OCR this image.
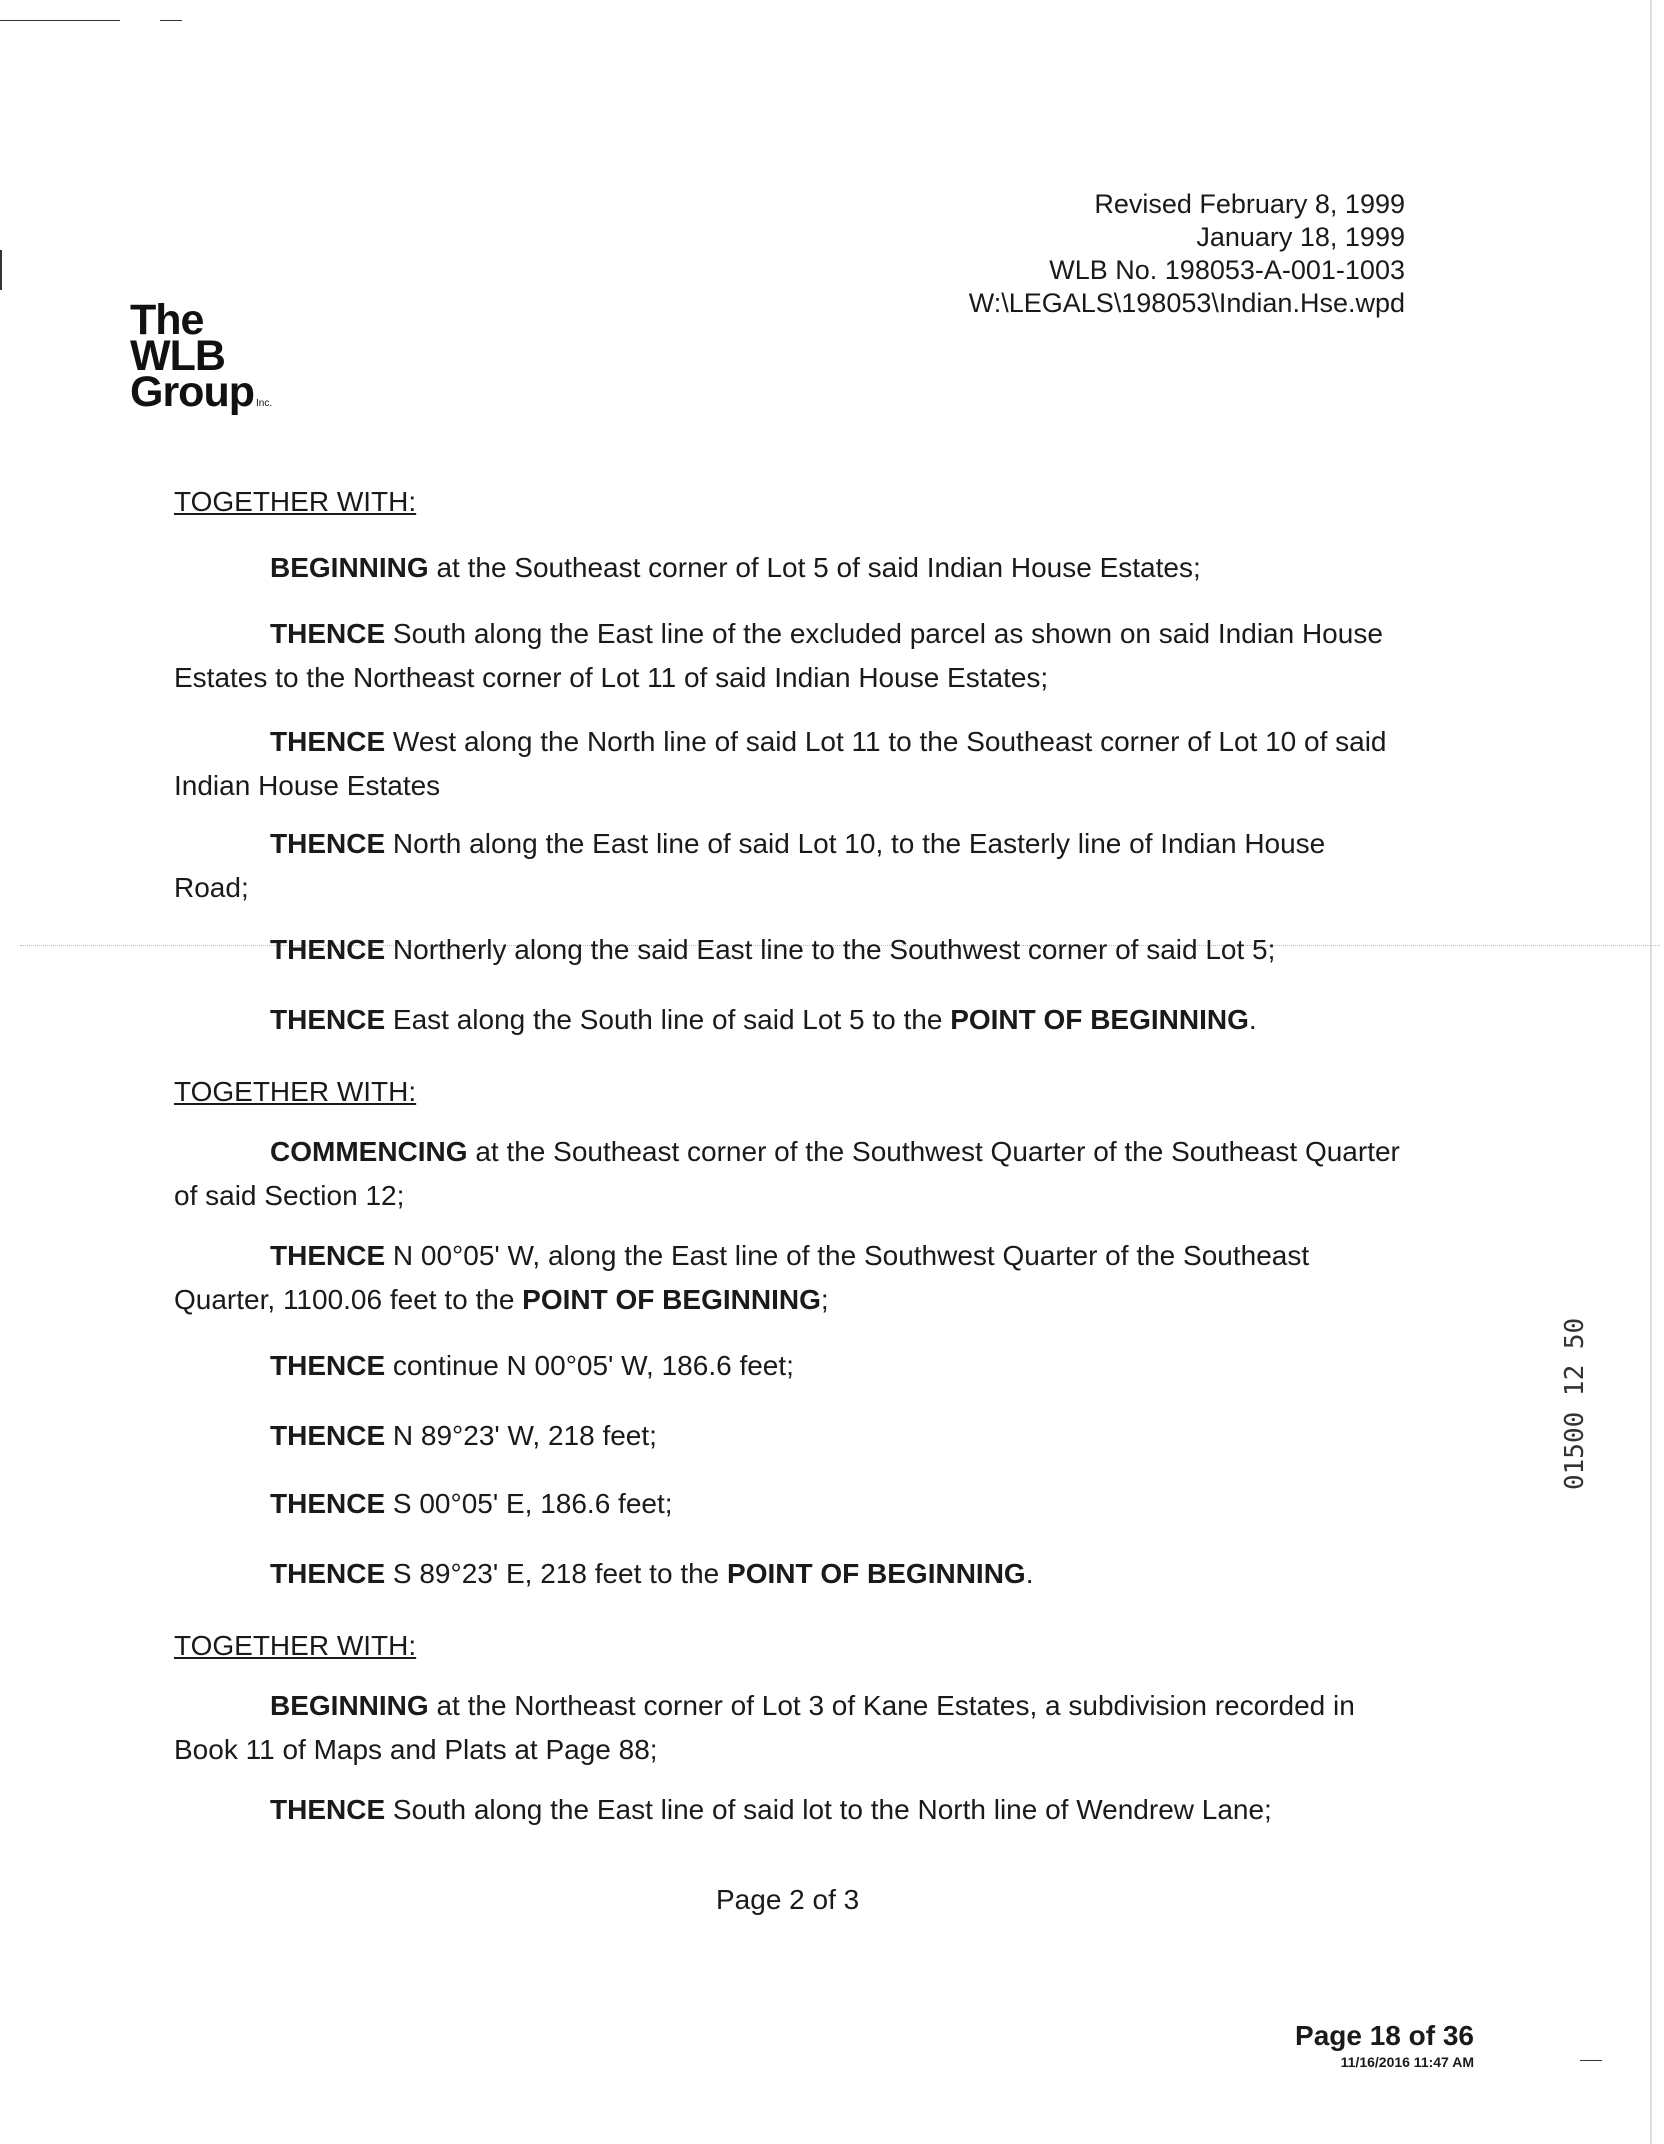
Revised February 8, 1999
January 18, 1999
WLB No. 198053-A-001-1003
W:\LEGALS\198053\Indian.Hse.wpd
The
WLB
Group Inc.
TOGETHER WITH:
BEGINNING at the Southeast corner of Lot 5 of said Indian House Estates;
THENCE South along the East line of the excluded parcel as shown on said Indian House Estates to the Northeast corner of Lot 11 of said Indian House Estates;
THENCE West along the North line of said Lot 11 to the Southeast corner of Lot 10 of said Indian House Estates
THENCE North along the East line of said Lot 10, to the Easterly line of Indian House Road;
THENCE Northerly along the said East line to the Southwest corner of said Lot 5;
THENCE East along the South line of said Lot 5 to the POINT OF BEGINNING.
TOGETHER WITH:
COMMENCING at the Southeast corner of the Southwest Quarter of the Southeast Quarter of said Section 12;
THENCE N 00°05' W, along the East line of the Southwest Quarter of the Southeast Quarter, 1100.06 feet to the POINT OF BEGINNING;
THENCE continue N 00°05' W, 186.6 feet;
THENCE N 89°23' W, 218 feet;
THENCE S 00°05' E, 186.6 feet;
THENCE S 89°23' E, 218 feet to the POINT OF BEGINNING.
TOGETHER WITH:
BEGINNING at the Northeast corner of Lot 3 of Kane Estates, a subdivision recorded in Book 11 of Maps and Plats at Page 88;
THENCE South along the East line of said lot to the North line of Wendrew Lane;
Page 2 of 3
Page 18 of 36
11/16/2016 11:47 AM
01500 12 50
